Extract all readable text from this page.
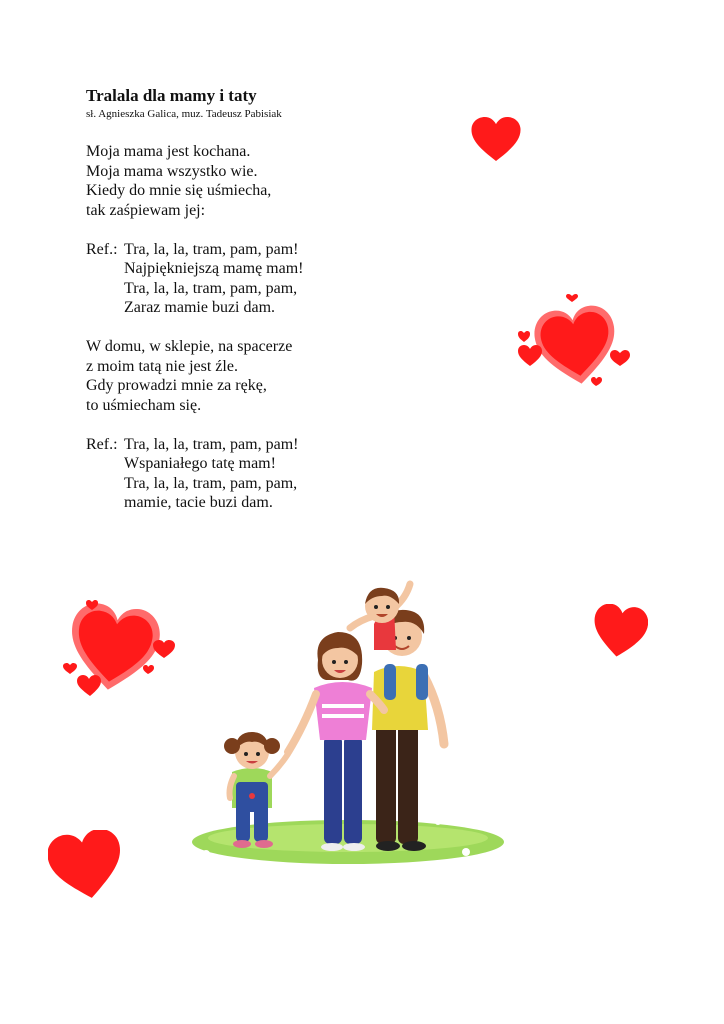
Tralala dla mamy i taty
sł. Agnieszka Galica, muz. Tadeusz Pabisiak
Moja mama jest kochana.
Moja mama wszystko wie.
Kiedy do mnie się uśmiecha,
tak zaśpiewam jej:
Ref.: Tra, la, la, tram, pam, pam!
Najpiękniejszą mamę mam!
Tra, la, la, tram, pam, pam,
Zaraz mamie buzi dam.
W domu, w sklepie, na spacerze
z moim tatą nie jest źle.
Gdy prowadzi mnie za rękę,
to uśmiecham się.
Ref.: Tra, la, la, tram, pam, pam!
Wspaniałego tatę mam!
Tra, la, la, tram, pam, pam,
mamie, tacie buzi dam.
